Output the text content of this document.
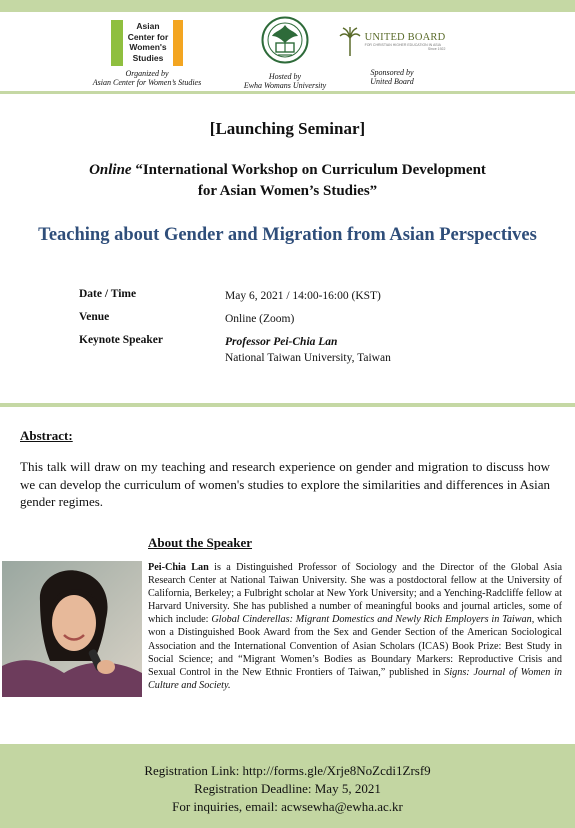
Asian
Center for
Women's
Studies
Organized by
Asian Center for Women’s Studies
Hosted by
Ewha Womans University
UNITED BOARD
FOR CHRISTIAN HIGHER EDUCATION IN ASIA
Since 1922
Sponsored by
United Board
[Launching Seminar]
Online “International Workshop on Curriculum Development
for Asian Women’s Studies”
Teaching about Gender and Migration from Asian Perspectives
Date / Time	May 6, 2021 / 14:00-16:00 (KST)
Venue	Online (Zoom)
Keynote Speaker	Professor Pei-Chia Lan
National Taiwan University, Taiwan
Abstract:
This talk will draw on my teaching and research experience on gender and migration to discuss how we can develop the curriculum of women's studies to explore the similarities and differences in Asian gender regimes.
About the Speaker
Pei-Chia Lan is a Distinguished Professor of Sociology and the Director of the Global Asia Research Center at National Taiwan University. She was a postdoctoral fellow at the University of California, Berkeley; a Fulbright scholar at New York University; and a Yenching-Radcliffe fellow at Harvard University. She has published a number of meaningful books and journal articles, some of which include: Global Cinderellas: Migrant Domestics and Newly Rich Employers in Taiwan, which won a Distinguished Book Award from the Sex and Gender Section of the American Sociological Association and the International Convention of Asian Scholars (ICAS) Book Prize: Best Study in Social Science; and “Migrant Women’s Bodies as Boundary Markers: Reproductive Crisis and Sexual Control in the New Ethnic Frontiers of Taiwan,” published in Signs: Journal of Women in Culture and Society.
Registration Link: http://forms.gle/Xrje8NoZcdi1Zrsf9
Registration Deadline: May 5, 2021
For inquiries, email: acwsewha@ewha.ac.kr
